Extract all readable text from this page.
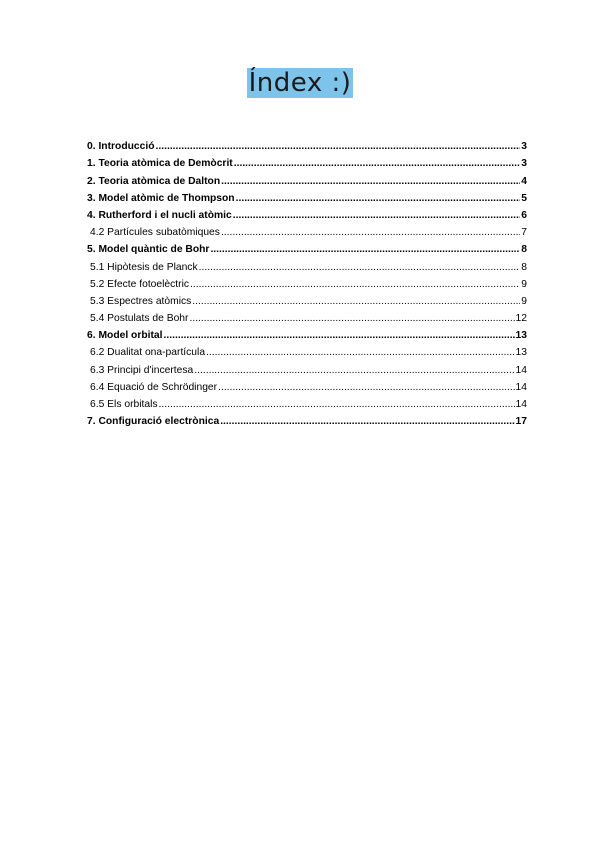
Índex :)
0. Introducció .....	3
1. Teoria atòmica de Demòcrit .....	3
2. Teoria atòmica de Dalton .....	4
3. Model atòmic de Thompson .....	5
4. Rutherford i el nucli atòmic .....	6
4.2 Partícules subatòmiques .....	7
5. Model quàntic de Bohr .....	8
5.1 Hipòtesis de Planck .....	8
5.2 Efecte fotoelèctric .....	9
5.3 Espectres atòmics .....	9
5.4 Postulats de Bohr .....	12
6. Model orbital .....	13
6.2 Dualitat ona-partícula .....	13
6.3 Principi d'incertesa .....	14
6.4 Equació de Schrödinger .....	14
6.5 Els orbitals .....	14
7. Configuració electrònica .....	17
